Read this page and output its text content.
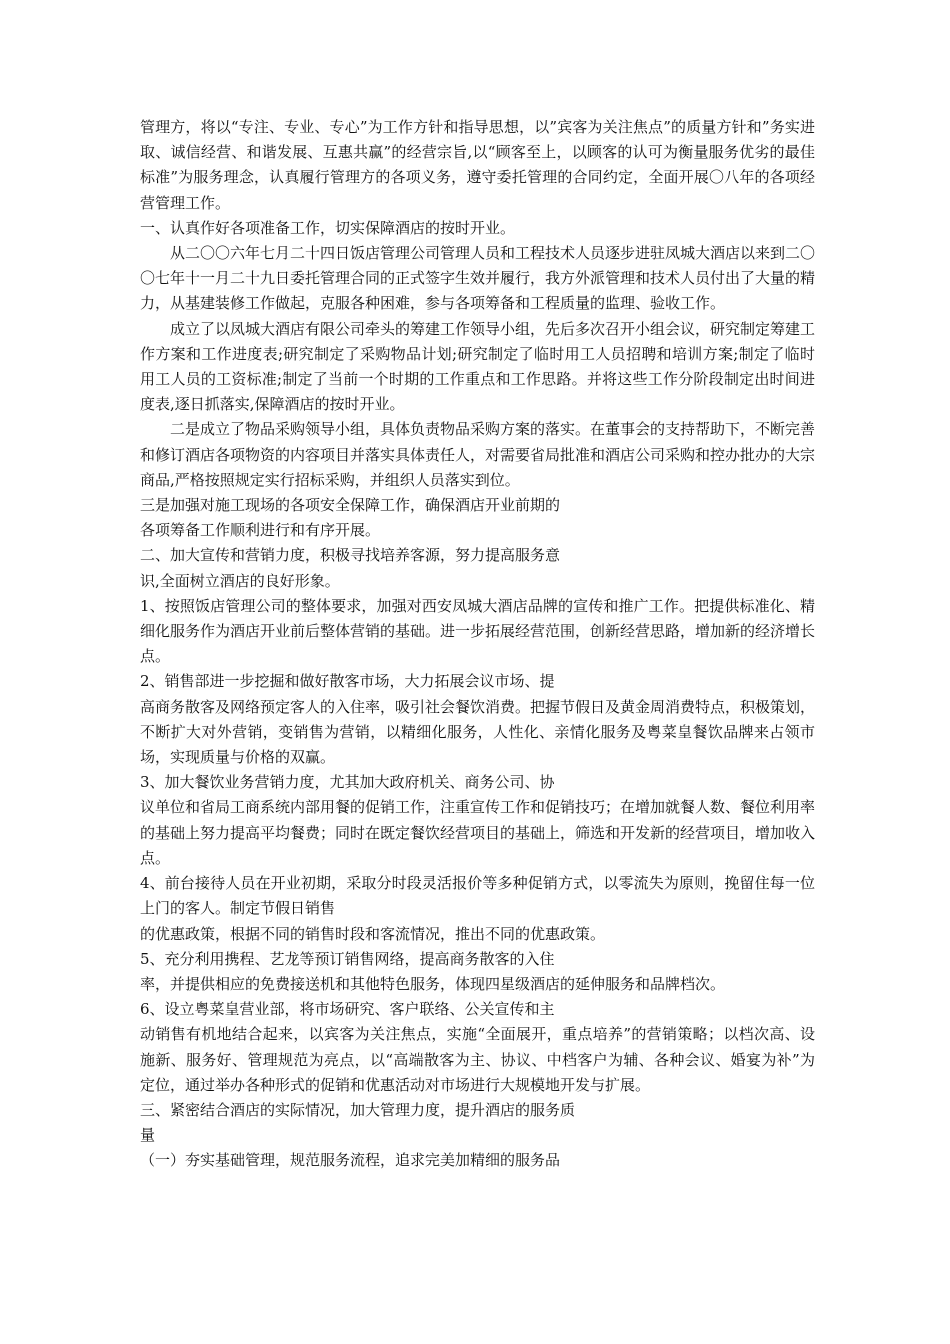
管理方，将以“专注、专业、专心”为工作方针和指导思想，以”宾客为关注焦点”的质量方针和”务实进取、诚信经营、和谐发展、互惠共赢”的经营宗旨,以“顾客至上，以顾客的认可为衡量服务优劣的最佳标准”为服务理念，认真履行管理方的各项义务，遵守委托管理的合同约定，全面开展〇八年的各项经营管理工作。

一、认真作好各项准备工作，切实保障酒店的按时开业。

从二〇〇六年七月二十四日饭店管理公司管理人员和工程技术人员逐步进驻凤城大酒店以来到二〇〇七年十一月二十九日委托管理合同的正式签字生效并履行，我方外派管理和技术人员付出了大量的精力，从基建装修工作做起，克服各种困难，参与各项筹备和工程质量的监理、验收工作。

成立了以凤城大酒店有限公司牵头的筹建工作领导小组，先后多次召开小组会议，研究制定筹建工作方案和工作进度表;研究制定了采购物品计划;研究制定了临时用工人员招聘和培训方案;制定了临时用工人员的工资标准;制定了当前一个时期的工作重点和工作思路。并将这些工作分阶段制定出时间进度表,逐日抓落实,保障酒店的按时开业。

二是成立了物品采购领导小组，具体负责物品采购方案的落实。在董事会的支持帮助下，不断完善和修订酒店各项物资的内容项目并落实具体责任人，对需要省局批准和酒店公司采购和控办批办的大宗商品,严格按照规定实行招标采购，并组织人员落实到位。

三是加强对施工现场的各项安全保障工作，确保酒店开业前期的

各项筹备工作顺利进行和有序开展。

二、加大宣传和营销力度，积极寻找培养客源，努力提高服务意

识,全面树立酒店的良好形象。

1、按照饭店管理公司的整体要求，加强对西安凤城大酒店品牌的宣传和推广工作。把提供标准化、精细化服务作为酒店开业前后整体营销的基础。进一步拓展经营范围，创新经营思路，增加新的经济增长点。

2、销售部进一步挖掘和做好散客市场，大力拓展会议市场、提

高商务散客及网络预定客人的入住率，吸引社会餐饮消费。把握节假日及黄金周消费特点，积极策划，不断扩大对外营销，变销售为营销，以精细化服务，人性化、亲情化服务及粤菜皇餐饮品牌来占领市场，实现质量与价格的双赢。

3、加大餐饮业务营销力度，尤其加大政府机关、商务公司、协

议单位和省局工商系统内部用餐的促销工作，注重宣传工作和促销技巧；在增加就餐人数、餐位利用率的基础上努力提高平均餐费；同时在既定餐饮经营项目的基础上，筛选和开发新的经营项目，增加收入点。

4、前台接待人员在开业初期，采取分时段灵活报价等多种促销方式，以零流失为原则，挽留住每一位上门的客人。制定节假日销售

的优惠政策，根据不同的销售时段和客流情况，推出不同的优惠政策。

5、充分利用携程、艺龙等预订销售网络，提高商务散客的入住

率，并提供相应的免费接送机和其他特色服务，体现四星级酒店的延伸服务和品牌档次。

6、设立粤菜皇营业部，将市场研究、客户联络、公关宣传和主

动销售有机地结合起来，以宾客为关注焦点，实施“全面展开，重点培养”的营销策略；以档次高、设施新、服务好、管理规范为亮点，以“高端散客为主、协议、中档客户为辅、各种会议、婚宴为补”为定位，通过举办各种形式的促销和优惠活动对市场进行大规模地开发与扩展。

三、紧密结合酒店的实际情况，加大管理力度，提升酒店的服务质

量

（一）夯实基础管理，规范服务流程，追求完美加精细的服务品
